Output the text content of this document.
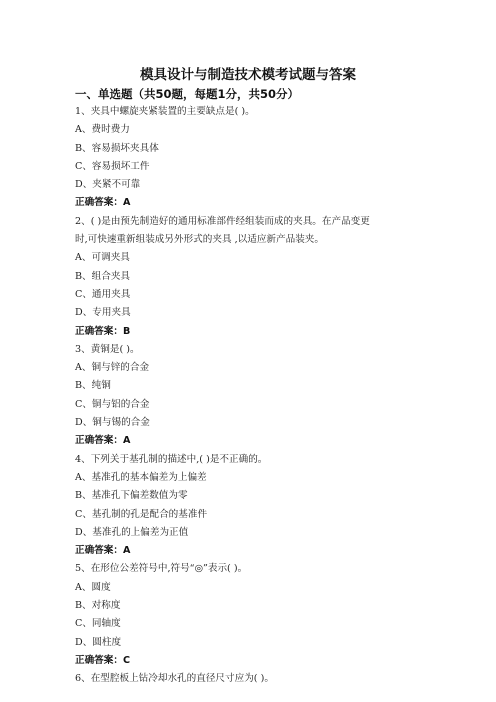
模具设计与制造技术模考试题与答案
一、单选题（共50题，每题1分，共50分）
1、夹具中螺旋夹紧装置的主要缺点是( )。
A、费时费力
B、容易损坏夹具体
C、容易损坏工件
D、夹紧不可靠
正确答案：A
2、( )是由预先制造好的通用标准部件经组装而成的夹具。在产品变更
时,可快速重新组装成另外形式的夹具 ,以适应新产品装夹。
A、可调夹具
B、组合夹具
C、通用夹具
D、专用夹具
正确答案：B
3、黄铜是( )。
A、铜与锌的合金
B、纯铜
C、铜与铝的合金
D、铜与锡的合金
正确答案：A
4、下列关于基孔制的描述中,( )是不正确的。
A、基准孔的基本偏差为上偏差
B、基准孔下偏差数值为零
C、基孔制的孔是配合的基准件
D、基准孔的上偏差为正值
正确答案：A
5、在形位公差符号中,符号“◎”表示( )。
A、圆度
B、对称度
C、同轴度
D、圆柱度
正确答案：C
6、在型腔板上钻冷却水孔的直径尺寸应为( )。
